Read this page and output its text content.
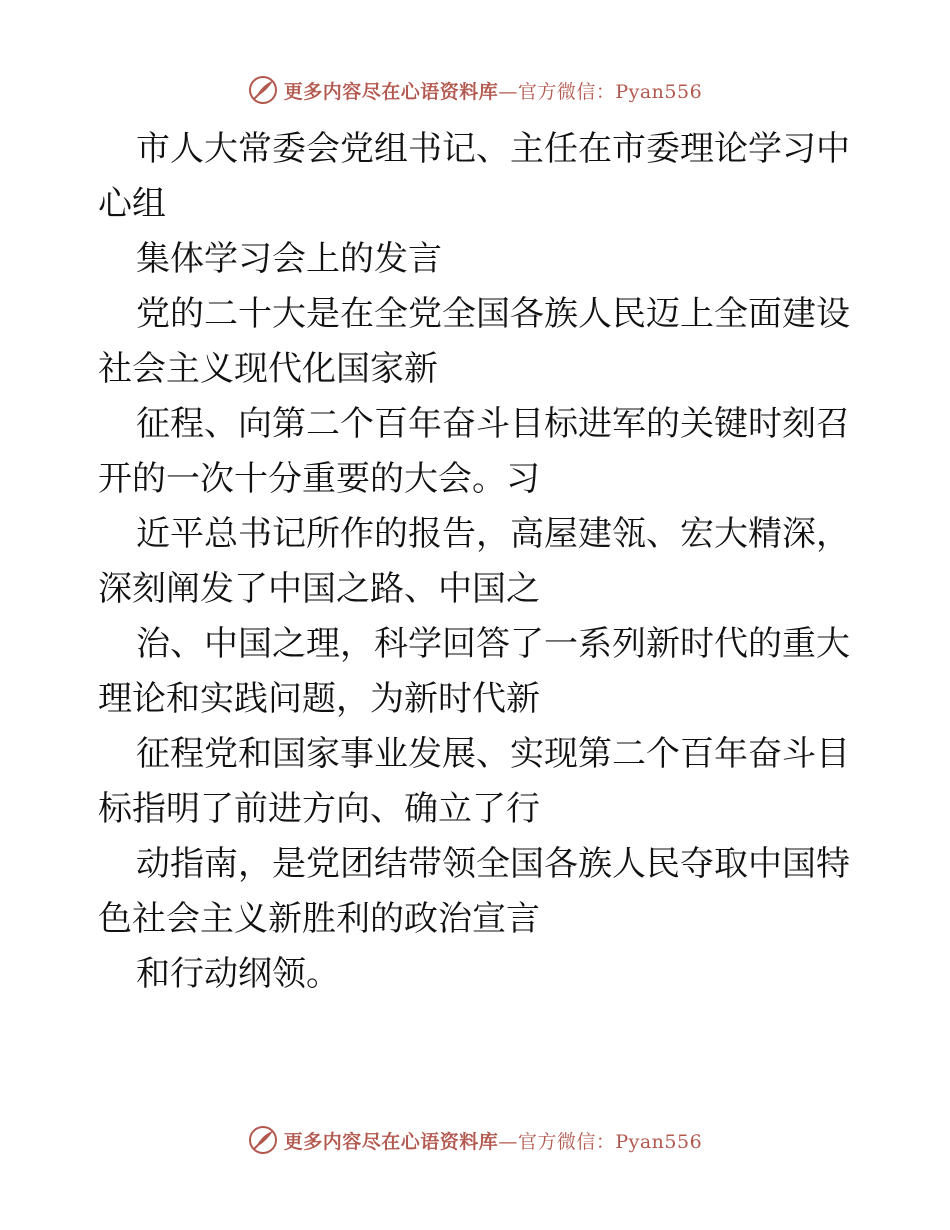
更多内容尽在心语资料库—官方微信：Pyan556

市人大常委会党组书记、主任在市委理论学习中心组

集体学习会上的发言

党的二十大是在全党全国各族人民迈上全面建设社会主义现代化国家新

征程、向第二个百年奋斗目标进军的关键时刻召开的一次十分重要的大会。习

近平总书记所作的报告，高屋建瓴、宏大精深，深刻阐发了中国之路、中国之

治、中国之理，科学回答了一系列新时代的重大理论和实践问题，为新时代新

征程党和国家事业发展、实现第二个百年奋斗目标指明了前进方向、确立了行

动指南，是党团结带领全国各族人民夺取中国特色社会主义新胜利的政治宣言

和行动纲领。

更多内容尽在心语资料库—官方微信：Pyan556
